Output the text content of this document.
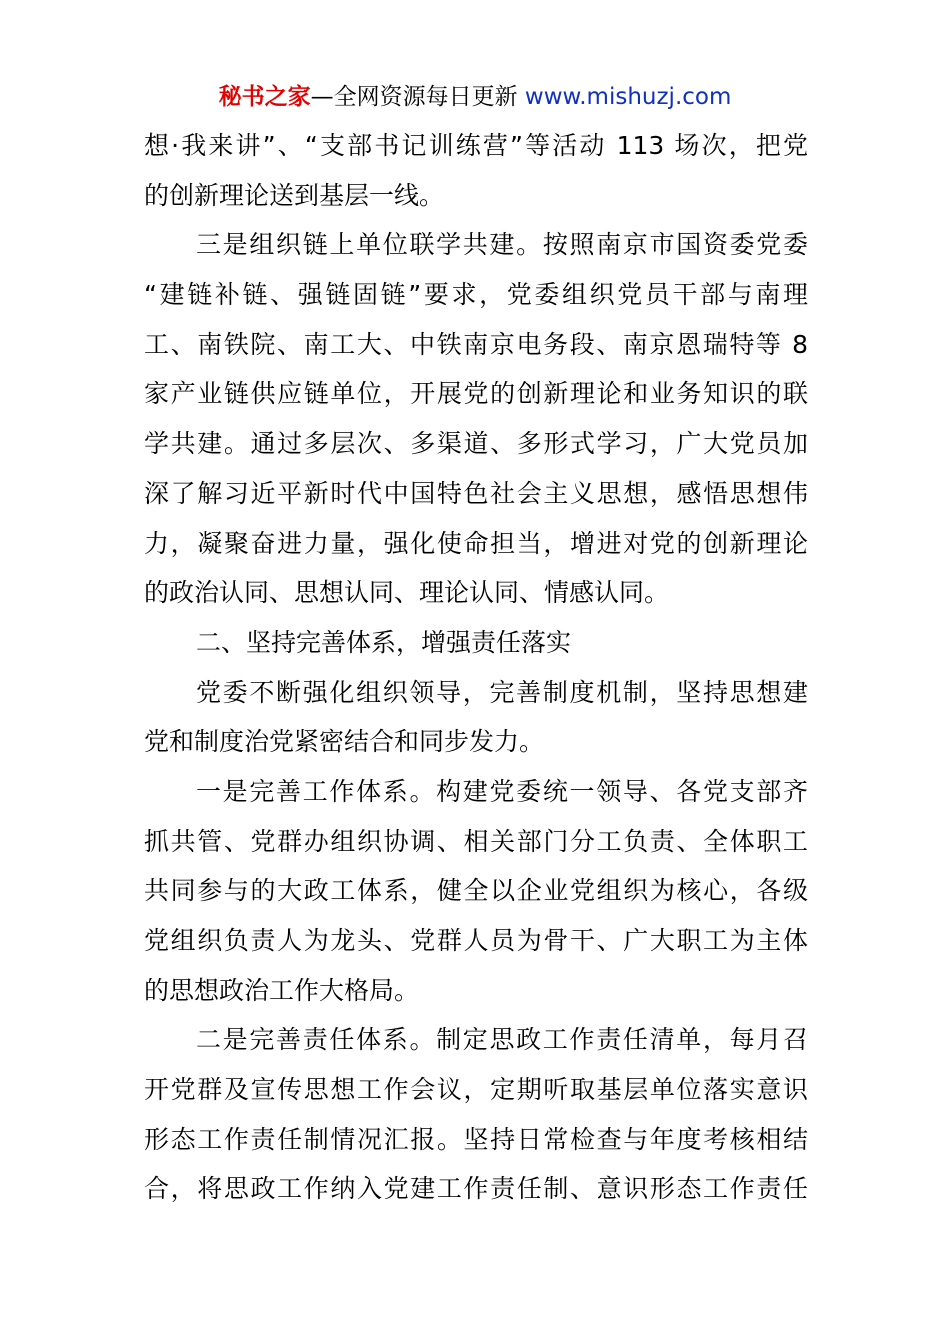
秘书之家—全网资源每日更新 www.mishuzj.com
想·我来讲”、“支部书记训练营”等活动 113 场次，把党
的创新理论送到基层一线。
三是组织链上单位联学共建。按照南京市国资委党委
“建链补链、强链固链”要求，党委组织党员干部与南理
工、南铁院、南工大、中铁南京电务段、南京恩瑞特等 8
家产业链供应链单位，开展党的创新理论和业务知识的联
学共建。通过多层次、多渠道、多形式学习，广大党员加
深了解习近平新时代中国特色社会主义思想，感悟思想伟
力，凝聚奋进力量，强化使命担当，增进对党的创新理论
的政治认同、思想认同、理论认同、情感认同。
二、坚持完善体系，增强责任落实
党委不断强化组织领导，完善制度机制，坚持思想建
党和制度治党紧密结合和同步发力。
一是完善工作体系。构建党委统一领导、各党支部齐
抓共管、党群办组织协调、相关部门分工负责、全体职工
共同参与的大政工体系，健全以企业党组织为核心，各级
党组织负责人为龙头、党群人员为骨干、广大职工为主体
的思想政治工作大格局。
二是完善责任体系。制定思政工作责任清单，每月召
开党群及宣传思想工作会议，定期听取基层单位落实意识
形态工作责任制情况汇报。坚持日常检查与年度考核相结
合，将思政工作纳入党建工作责任制、意识形态工作责任
